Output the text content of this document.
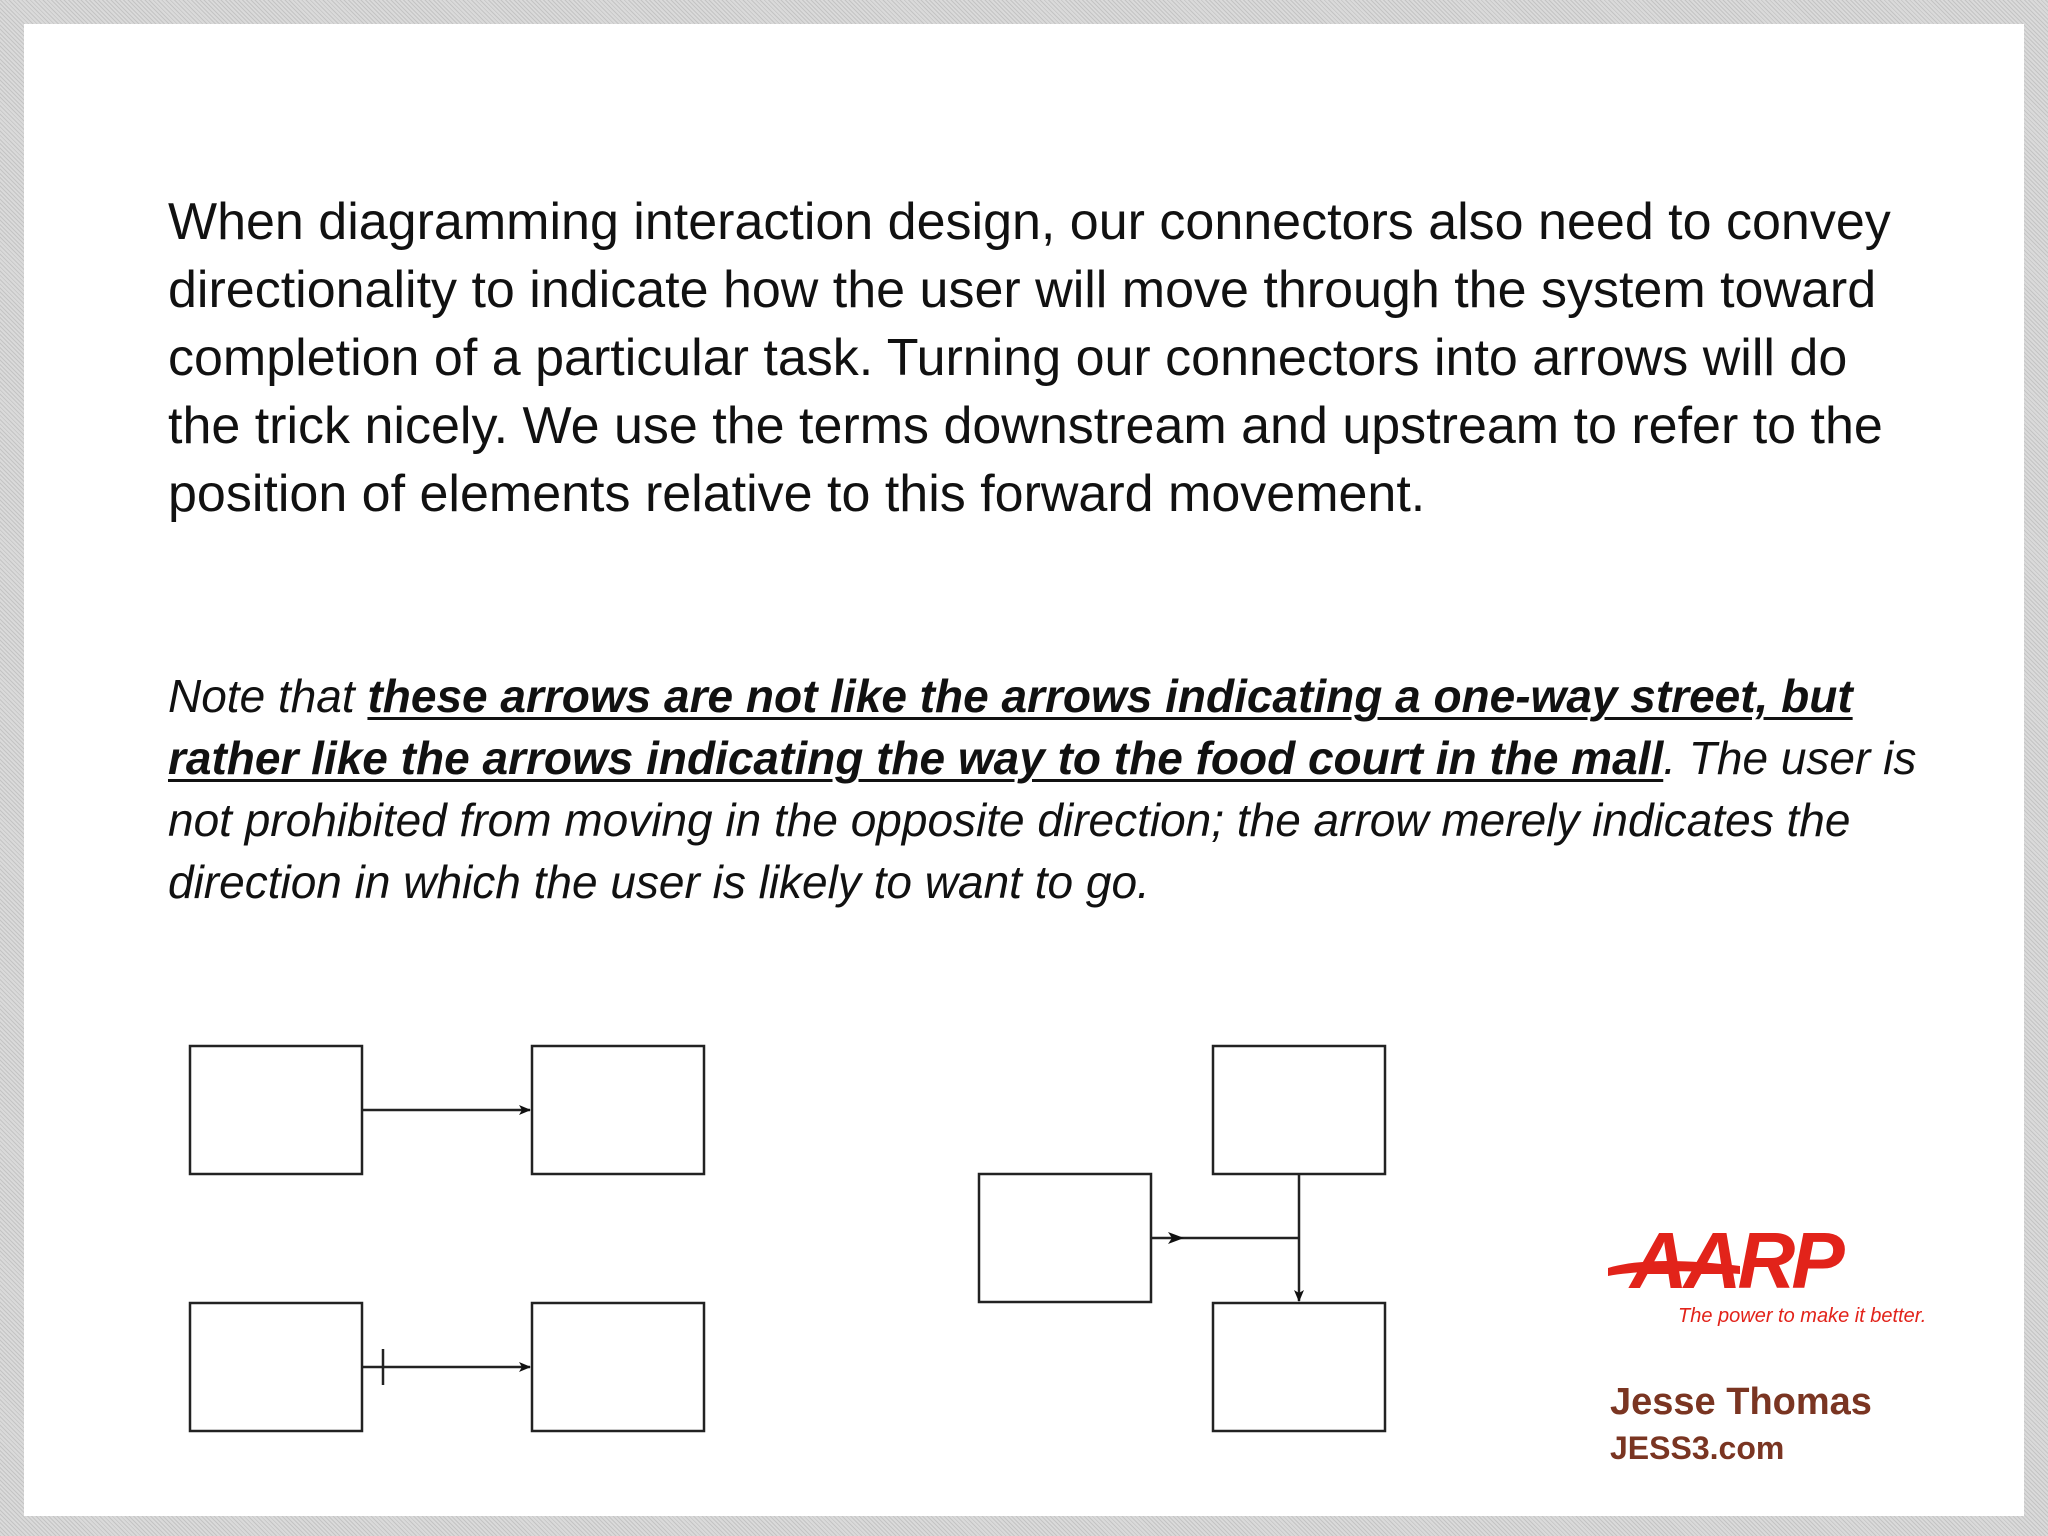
When diagramming interaction design, our connectors also need to convey directionality to indicate how the user will move through the system toward completion of a particular task. Turning our connectors into arrows will do the trick nicely. We use the terms downstream and upstream to refer to the position of elements relative to this forward movement.
Note that these arrows are not like the arrows indicating a one-way street, but rather like the arrows indicating the way to the food court in the mall. The user is not prohibited from moving in the opposite direction; the arrow merely indicates the direction in which the user is likely to want to go.
AARP
The power to make it better.
Jesse Thomas
JESS3.com
